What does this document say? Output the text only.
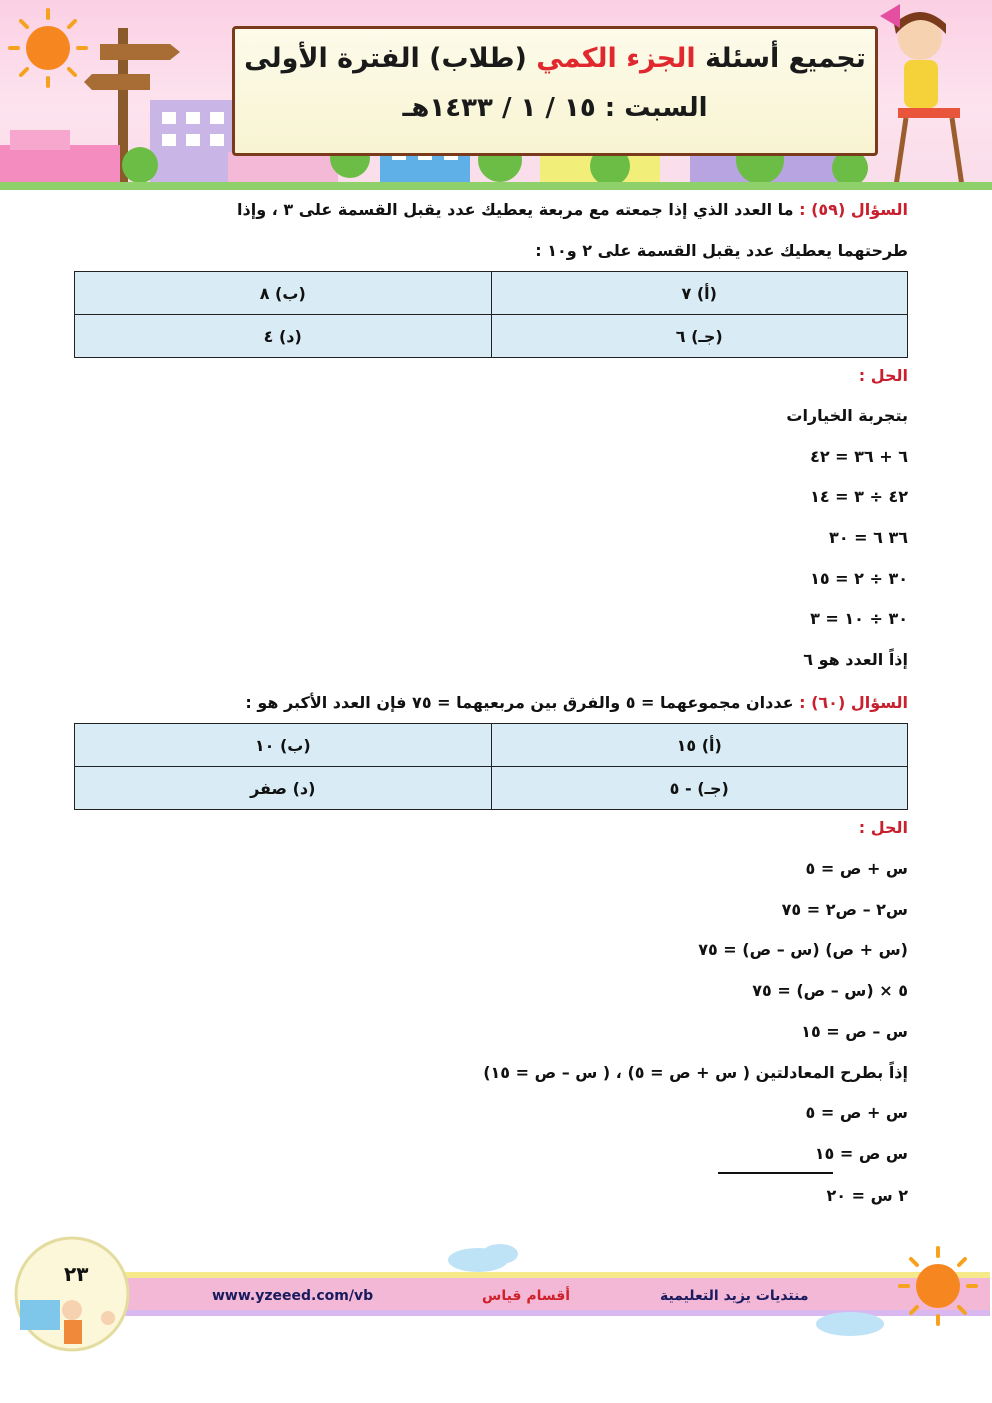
تجميع أسئلة الجزء الكمي (طلاب) الفترة الأولى
السبت : ١٥ / ١ / ١٤٣٣هـ
السؤال (٥٩) : ما العدد الذي إذا جمعته مع مربعة يعطيك عدد يقبل القسمة على ٣ ، وإذا
طرحتهما يعطيك عدد يقبل القسمة على ٢ و١٠ :
(أ) ٧	(ب) ٨
(جـ) ٦	(د) ٤
الحل :
بتجربة الخيارات
٦ + ٣٦ = ٤٢
٤٢ ÷ ٣ = ١٤
٣٦ ٦ = ٣٠
٣٠ ÷ ٢ = ١٥
٣٠ ÷ ١٠ = ٣
إذاً العدد هو ٦
السؤال (٦٠) : عددان مجموعهما = ٥ والفرق بين مربعيهما = ٧٥ فإن العدد الأكبر هو :
(أ) ١٥	(ب) ١٠
(جـ) - ٥	(د) صفر
الحل :
س + ص = ٥
س٢ – ص٢ = ٧٥
(س + ص) (س – ص) = ٧٥
٥ × (س – ص) = ٧٥
س – ص = ١٥
إذاً بطرح المعادلتين ( س + ص = ٥) ، ( س – ص = ١٥)
س + ص = ٥
س ص = ١٥
٢ س = ٢٠
٢٣
www.yzeeed.com/vb	أقسام قياس	منتديات يزيد التعليمية
